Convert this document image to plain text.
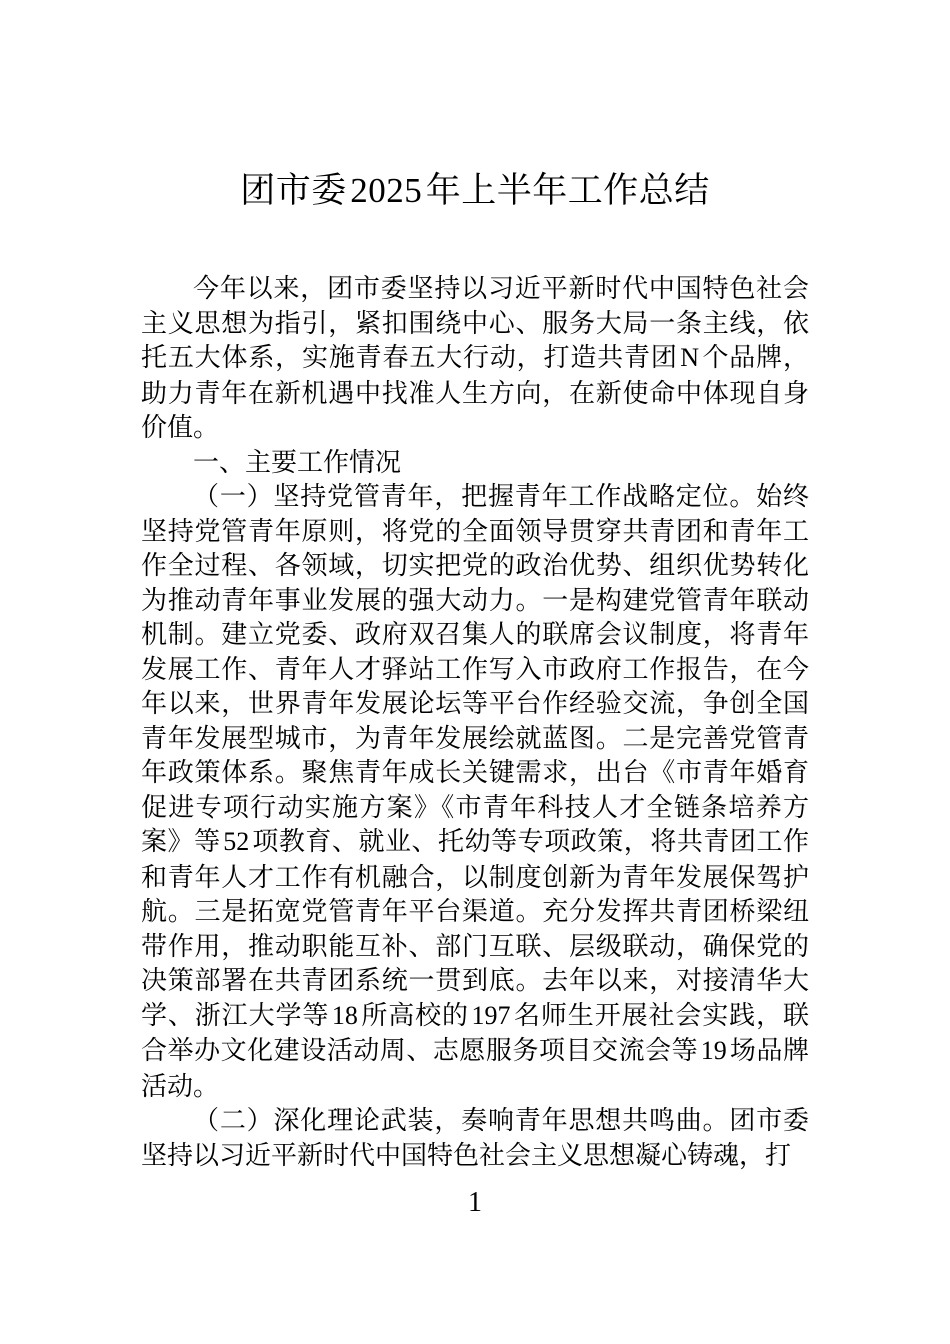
团市委 2025 年上半年工作总结

今年以来，团市委坚持以习近平新时代中国特色社会主义思想为指引，紧扣围绕中心、服务大局一条主线，依托五大体系，实施青春五大行动，打造共青团N个品牌，助力青年在新机遇中找准人生方向，在新使命中体现自身价值。

一、主要工作情况

（一）坚持党管青年，把握青年工作战略定位。始终坚持党管青年原则，将党的全面领导贯穿共青团和青年工作全过程、各领域，切实把党的政治优势、组织优势转化为推动青年事业发展的强大动力。一是构建党管青年联动机制。建立党委、政府双召集人的联席会议制度，将青年发展工作、青年人才驿站工作写入市政府工作报告，在今年以来，世界青年发展论坛等平台作经验交流，争创全国青年发展型城市，为青年发展绘就蓝图。二是完善党管青年政策体系。聚焦青年成长关键需求，出台《市青年婚育促进专项行动实施方案》《市青年科技人才全链条培养方案》等52项教育、就业、托幼等专项政策，将共青团工作和青年人才工作有机融合，以制度创新为青年发展保驾护航。三是拓宽党管青年平台渠道。充分发挥共青团桥梁纽带作用，推动职能互补、部门互联、层级联动，确保党的决策部署在共青团系统一贯到底。去年以来，对接清华大学、浙江大学等18所高校的197名师生开展社会实践，联合举办文化建设活动周、志愿服务项目交流会等19场品牌活动。

（二）深化理论武装，奏响青年思想共鸣曲。团市委坚持以习近平新时代中国特色社会主义思想凝心铸魂，打

1
